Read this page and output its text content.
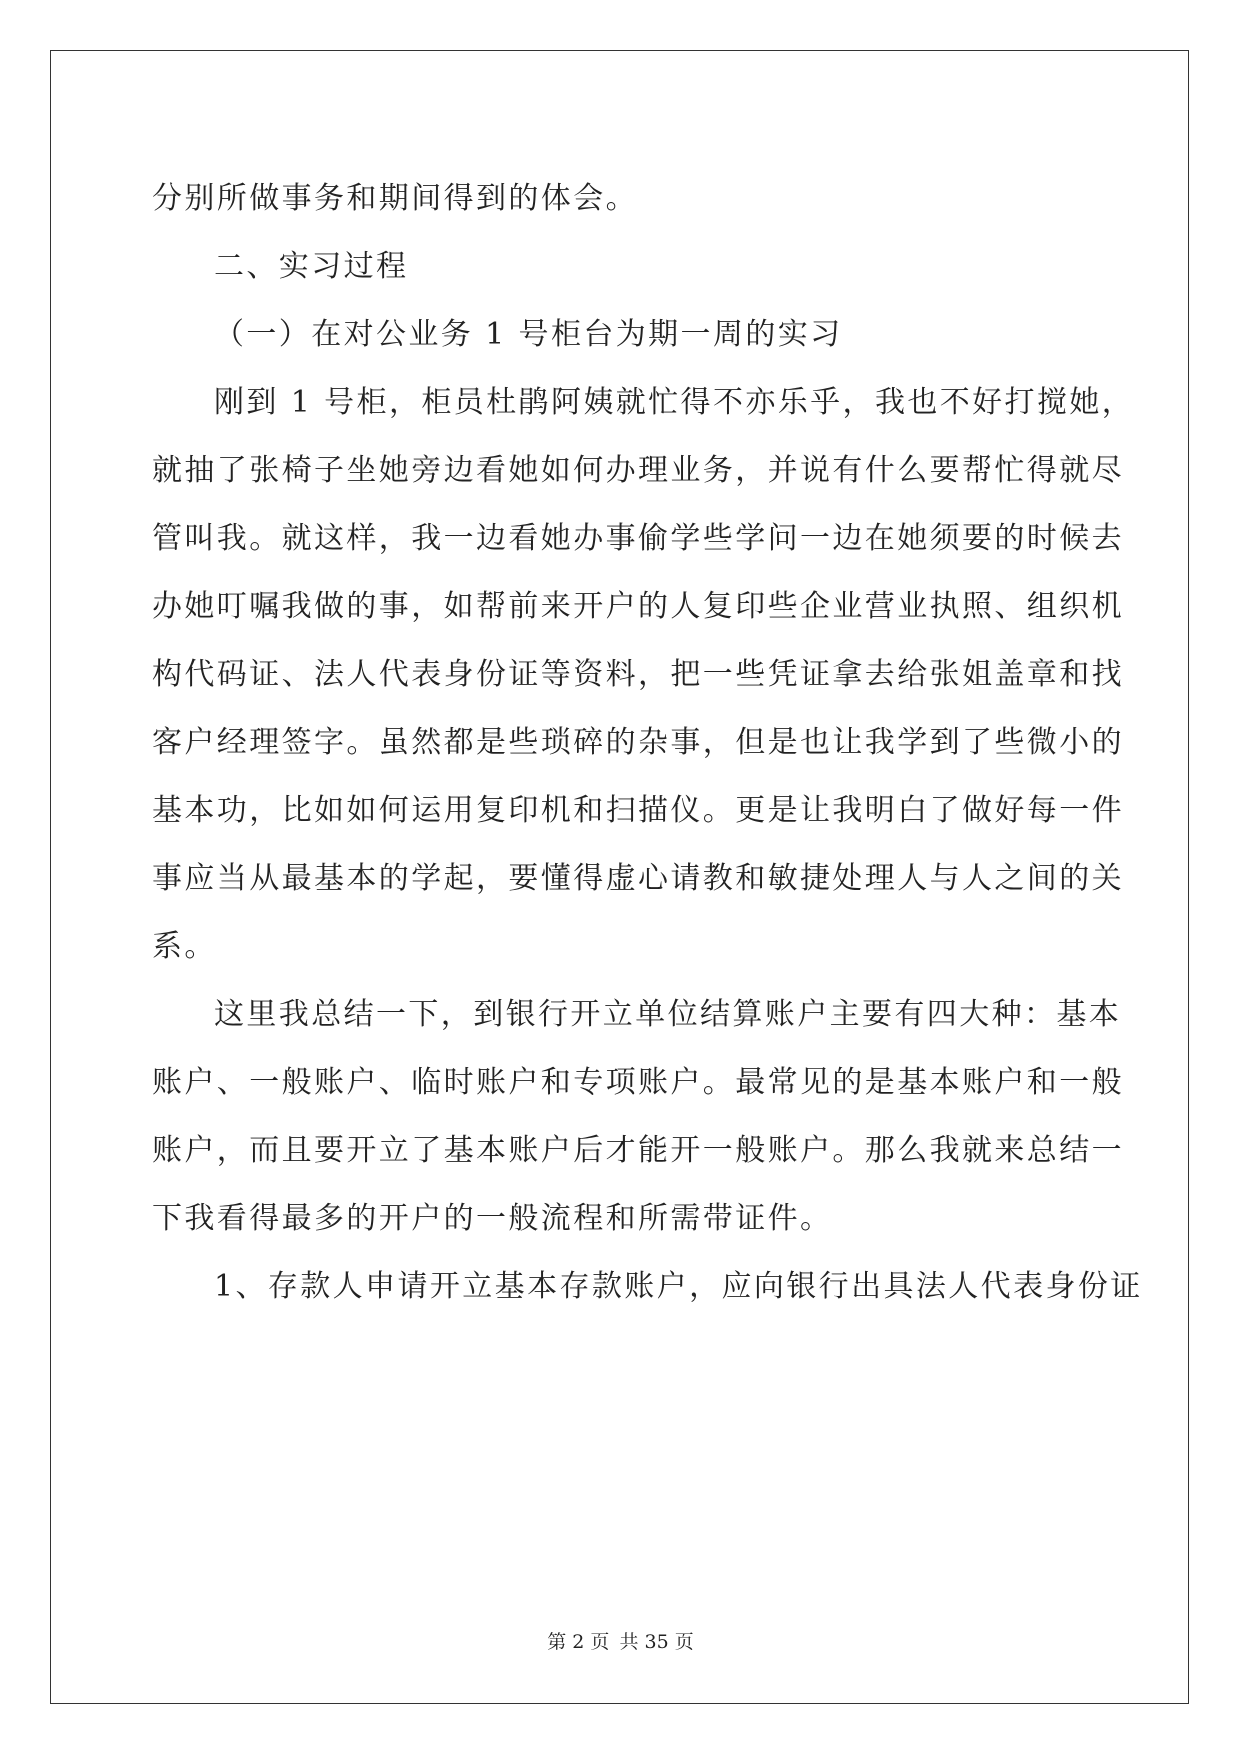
分别所做事务和期间得到的体会。
二、实习过程
（一）在对公业务 1 号柜台为期一周的实习
刚到 1 号柜，柜员杜鹃阿姨就忙得不亦乐乎，我也不好打搅她，
就抽了张椅子坐她旁边看她如何办理业务，并说有什么要帮忙得就尽
管叫我。就这样，我一边看她办事偷学些学问一边在她须要的时候去
办她叮嘱我做的事，如帮前来开户的人复印些企业营业执照、组织机
构代码证、法人代表身份证等资料，把一些凭证拿去给张姐盖章和找
客户经理签字。虽然都是些琐碎的杂事，但是也让我学到了些微小的
基本功，比如如何运用复印机和扫描仪。更是让我明白了做好每一件
事应当从最基本的学起，要懂得虚心请教和敏捷处理人与人之间的关
系。
这里我总结一下，到银行开立单位结算账户主要有四大种：基本
账户、一般账户、临时账户和专项账户。最常见的是基本账户和一般
账户，而且要开立了基本账户后才能开一般账户。那么我就来总结一
下我看得最多的开户的一般流程和所需带证件。
1、存款人申请开立基本存款账户，应向银行出具法人代表身份证
第 2 页 共 35 页
